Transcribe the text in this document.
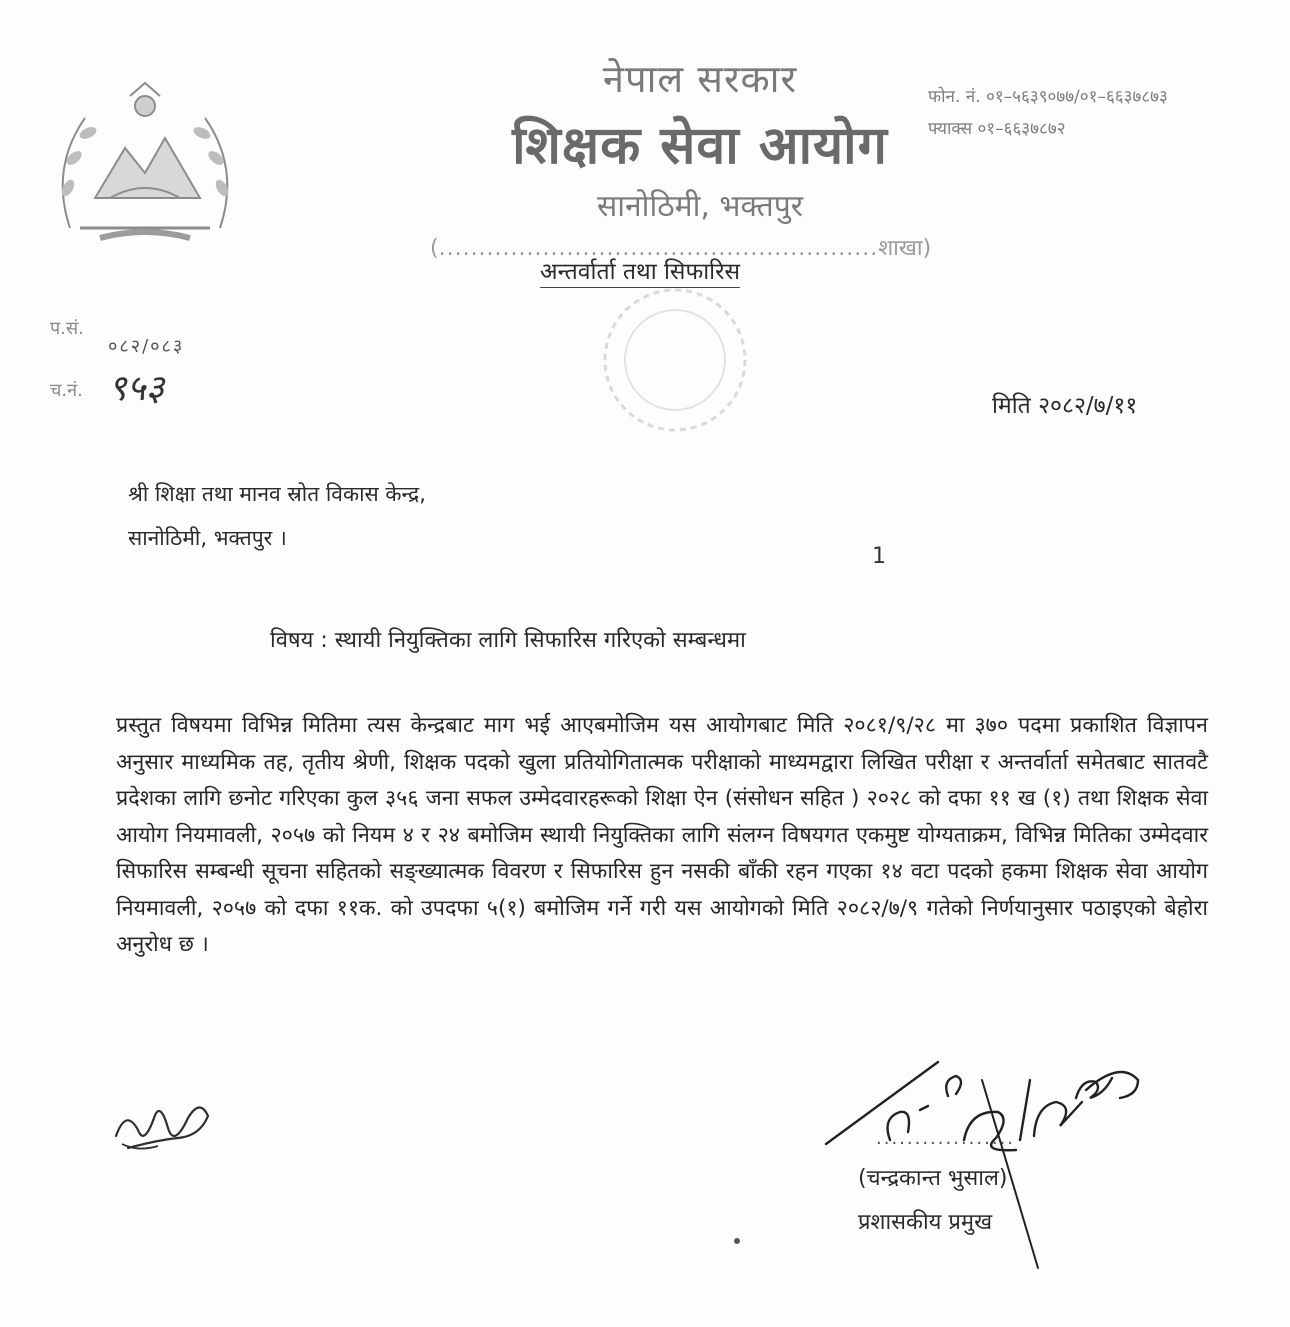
नेपाल सरकार
शिक्षक सेवा आयोग
सानोठिमी, भक्तपुर
(.......................................................शाखा)
अन्तर्वार्ता तथा सिफारिस
फोन. नं. ०१–५६३९०७७/०१–६६३७८७३
फ्याक्स ०१–६६३७८७२
प.सं.
०८२/०८३
च.नं. ९५३	मिति २०८२/७/११
श्री शिक्षा तथा मानव स्रोत विकास केन्द्र,
सानोठिमी, भक्तपुर ।
1
विषय : स्थायी नियुक्तिका लागि सिफारिस गरिएको सम्बन्धमा
प्रस्तुत विषयमा विभिन्न मितिमा त्यस केन्द्रबाट माग भई आएबमोजिम यस आयोगबाट मिति २०८१/९/२८ मा ३७० पदमा प्रकाशित विज्ञापन अनुसार माध्यमिक तह, तृतीय श्रेणी, शिक्षक पदको खुला प्रतियोगितात्मक परीक्षाको माध्यमद्वारा लिखित परीक्षा र अन्तर्वार्ता समेतबाट सातवटै प्रदेशका लागि छनोट गरिएका कुल ३५६ जना सफल उम्मेदवारहरूको शिक्षा ऐन (संसोधन सहित ) २०२८ को दफा ११ ख (१) तथा शिक्षक सेवा आयोग नियमावली, २०५७ को नियम ४ र २४ बमोजिम स्थायी नियुक्तिका लागि संलग्न विषयगत एकमुष्ट योग्यताक्रम, विभिन्न मितिका उम्मेदवार सिफारिस सम्बन्धी सूचना सहितको सङ्ख्यात्मक विवरण र सिफारिस हुन नसकी बाँकी रहन गएका १४ वटा पदको हकमा शिक्षक सेवा आयोग नियमावली, २०५७ को दफा ११क. को उपदफा ५(१) बमोजिम गर्ने गरी यस आयोगको मिति २०८२/७/९ गतेको निर्णयानुसार पठाइएको बेहोरा अनुरोध छ ।
..................
(चन्द्रकान्त भुसाल)
प्रशासकीय प्रमुख
